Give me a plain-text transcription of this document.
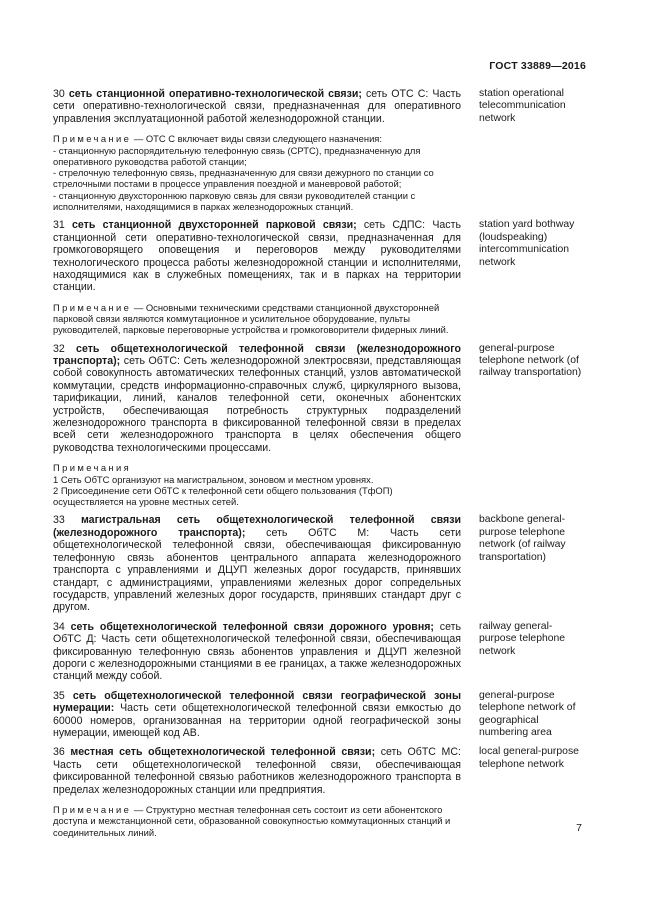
ГОСТ 33889—2016
30 сеть станционной оперативно-технологической связи; сеть ОТС С: Часть сети оперативно-технологической связи, предназначенная для оперативного управления эксплуатационной работой железнодорожной станции.
station operational telecommunication network

Примечание — ОТС С включает виды связи следующего назначения:

- станционную распорядительную телефонную связь (СРТС), предназначенную для оперативного руководства работой станции;

- стрелочную телефонную связь, предназначенную для связи дежурного по станции со стрелочными постами в процессе управления поездной и маневровой работой;

- станционную двухстороннюю парковую связь для связи руководителей станции с исполнителями, находящимися в парках железнодорожных станций.

31 сеть станционной двухсторонней парковой связи; сеть СДПС: Часть станционной сети оперативно-технологической связи, предназначенная для громкоговорящего оповещения и переговоров между руководителями технологического процесса работы железнодорожной станции и исполнителями, находящимися как в служебных помещениях, так и в парках на территории станции.
station yard bothway (loudspeaking) intercommunication network

Примечание — Основными техническими средствами станционной двухсторонней парковой связи являются коммутационное и усилительное оборудование, пульты руководителей, парковые переговорные устройства и громкоговорители фидерных линий.

32 сеть общетехнологической телефонной связи (железнодорожного транспорта); сеть ОбТС: Сеть железнодорожной электросвязи, представляющая собой совокупность автоматических телефонных станций, узлов автоматической коммутации, средств информационно-справочных служб, циркулярного вызова, тарификации, линий, каналов телефонной сети, оконечных абонентских устройств, обеспечивающая потребность структурных подразделений железнодорожного транспорта в фиксированной телефонной связи в пределах всей сети железнодорожного транспорта в целях обеспечения общего руководства технологическими процессами.
general-purpose telephone network (of railway transportation)

Примечания

1 Сеть ОбТС организуют на магистральном, зоновом и местном уровнях.

2 Присоединение сети ОбТС к телефонной сети общего пользования (ТфОП) осуществляется на уровне местных сетей.

33 магистральная сеть общетехнологической телефонной связи (железнодорожного транспорта); сеть ОбТС М: Часть сети общетехнологической телефонной связи, обеспечивающая фиксированную телефонную связь абонентов центрального аппарата железнодорожного транспорта с управлениями и ДЦУП железных дорог государств, принявших стандарт, с администрациями, управлениями железных дорог сопредельных государств, управлений железных дорог государств, принявших стандарт друг с другом.
backbone general-purpose telephone network (of railway transportation)
34 сеть общетехнологической телефонной связи дорожного уровня; сеть ОбТС Д: Часть сети общетехнологической телефонной связи, обеспечивающая фиксированную телефонную связь абонентов управления и ДЦУП железной дороги с железнодорожными станциями в ее границах, а также железнодорожных станций между собой.
railway general-purpose telephone network
35 сеть общетехнологической телефонной связи географической зоны нумерации: Часть сети общетехнологической телефонной связи емкостью до 60000 номеров, организованная на территории одной географической зоны нумерации, имеющей код АВ.
general-purpose telephone network of geographical numbering area
36 местная сеть общетехнологической телефонной связи; сеть ОбТС МС: Часть сети общетехнологической телефонной связи, обеспечивающая фиксированной телефонной связью работников железнодорожного транспорта в пределах железнодорожных станции или предприятия.
local general-purpose telephone network

Примечание — Структурно местная телефонная сеть состоит из сети абонентского доступа и межстанционной сети, образованной совокупностью коммутационных станций и соединительных линий.	7
